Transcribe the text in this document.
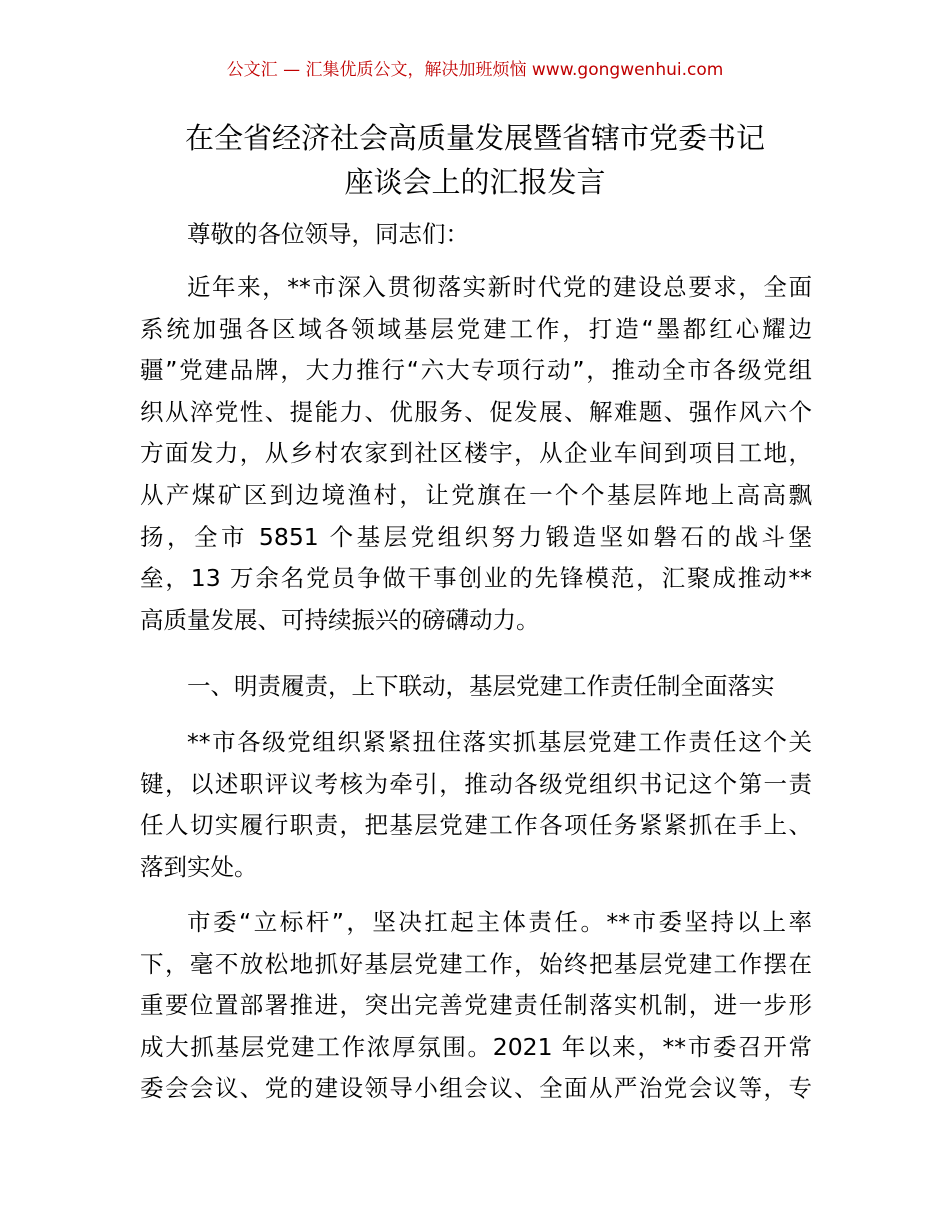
公文汇 — 汇集优质公文，解决加班烦恼 www.gongwenhui.com
在全省经济社会高质量发展暨省辖市党委书记
座谈会上的汇报发言
尊敬的各位领导，同志们：
近年来，**市深入贯彻落实新时代党的建设总要求，全面
系统加强各区域各领域基层党建工作，打造“墨都红心耀边
疆”党建品牌，大力推行“六大专项行动”，推动全市各级党组
织从淬党性、提能力、优服务、促发展、解难题、强作风六个
方面发力，从乡村农家到社区楼宇，从企业车间到项目工地，
从产煤矿区到边境渔村，让党旗在一个个基层阵地上高高飘
扬，全市 5851 个基层党组织努力锻造坚如磐石的战斗堡
垒，13 万余名党员争做干事创业的先锋模范，汇聚成推动**
高质量发展、可持续振兴的磅礴动力。
一、明责履责，上下联动，基层党建工作责任制全面落实
**市各级党组织紧紧扭住落实抓基层党建工作责任这个关
键，以述职评议考核为牵引，推动各级党组织书记这个第一责
任人切实履行职责，把基层党建工作各项任务紧紧抓在手上、
落到实处。
市委“立标杆”，坚决扛起主体责任。**市委坚持以上率
下，毫不放松地抓好基层党建工作，始终把基层党建工作摆在
重要位置部署推进，突出完善党建责任制落实机制，进一步形
成大抓基层党建工作浓厚氛围。2021 年以来，**市委召开常
委会会议、党的建设领导小组会议、全面从严治党会议等，专
